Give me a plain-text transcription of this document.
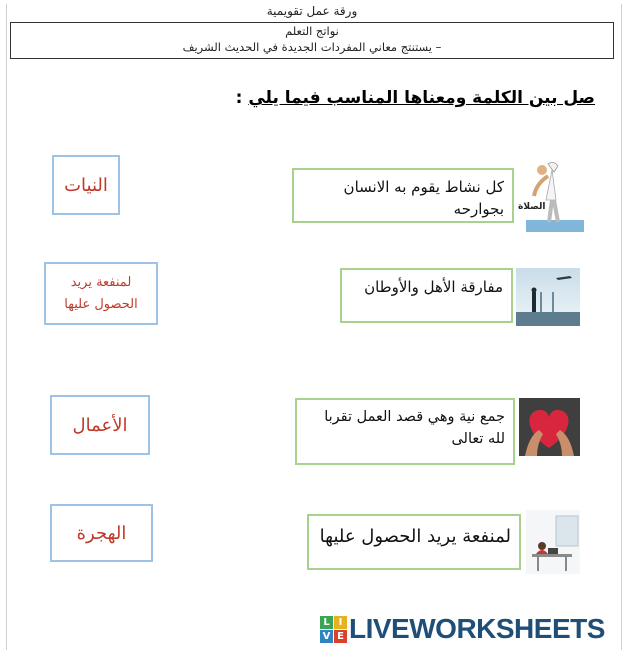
ورقة عمل تقويمية
نواتج التعلم
– يستنتج معاني المفردات الجديدة في الحديث الشريف
صل بين الكلمة ومعناها المناسب فيما يلي :
النيات	كل نشاط يقوم به الانسان بجوارحه	الصلاة
لمنفعة يريد الحصول عليها
مفارقة الأهل والأوطان
الأعمال	جمع نية وهي قصد العمل تقربا لله تعالى
الهجرة	لمنفعة يريد الحصول عليها
L I
V E LIVEWORKSHEETS
